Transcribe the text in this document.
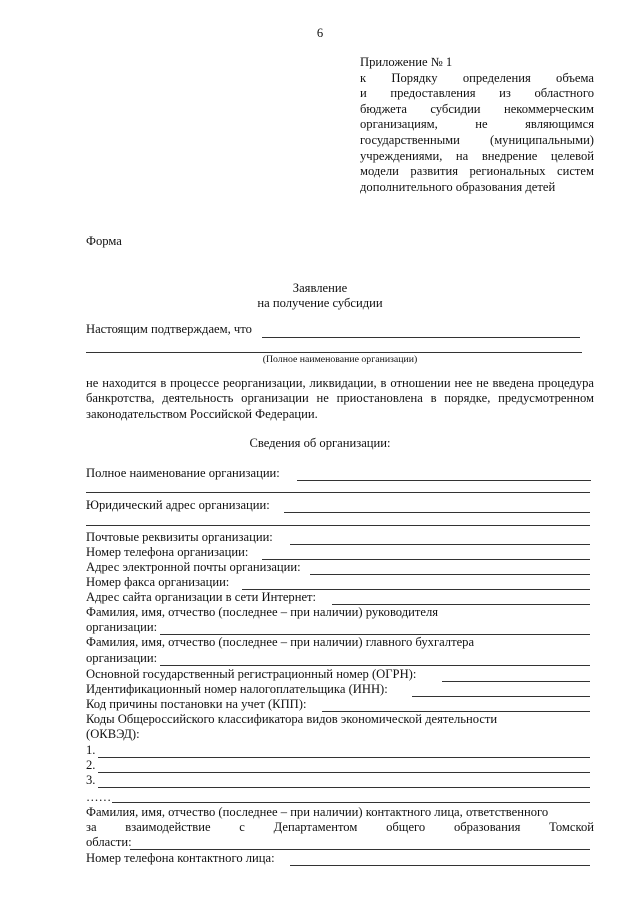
6
Приложение № 1
к Порядку определения объема
и предоставления из областного
бюджета субсидии некоммерческим
организациям, не являющимся
государственными (муниципальными)
учреждениями, на внедрение целевой
модели развития региональных систем
дополнительного образования детей
Форма
Заявление
на получение субсидии
Настоящим подтверждаем, что
(Полное наименование организации)
не находится в процессе реорганизации, ликвидации, в отношении нее не введена процедура банкротства, деятельность организации не приостановлена в порядке, предусмотренном законодательством Российской Федерации.
Сведения об организации:
Полное наименование организации:
Юридический адрес организации:
Почтовые реквизиты организации:
Номер телефона организации:
Адрес электронной почты организации:
Номер факса организации:
Адрес сайта организации в сети Интернет:
Фамилия, имя, отчество (последнее – при наличии) руководителя
организации:
Фамилия, имя, отчество (последнее – при наличии) главного бухгалтера
организации:
Основной государственный регистрационный номер (ОГРН):
Идентификационный номер налогоплательщика (ИНН):
Код причины постановки на учет (КПП):
Коды Общероссийского классификатора видов экономической деятельности
(ОКВЭД):
1.
2.
3.
……
Фамилия, имя, отчество (последнее – при наличии) контактного лица, ответственного
за взаимодействие с Департаментом общего образования Томской
области:
Номер телефона контактного лица:
